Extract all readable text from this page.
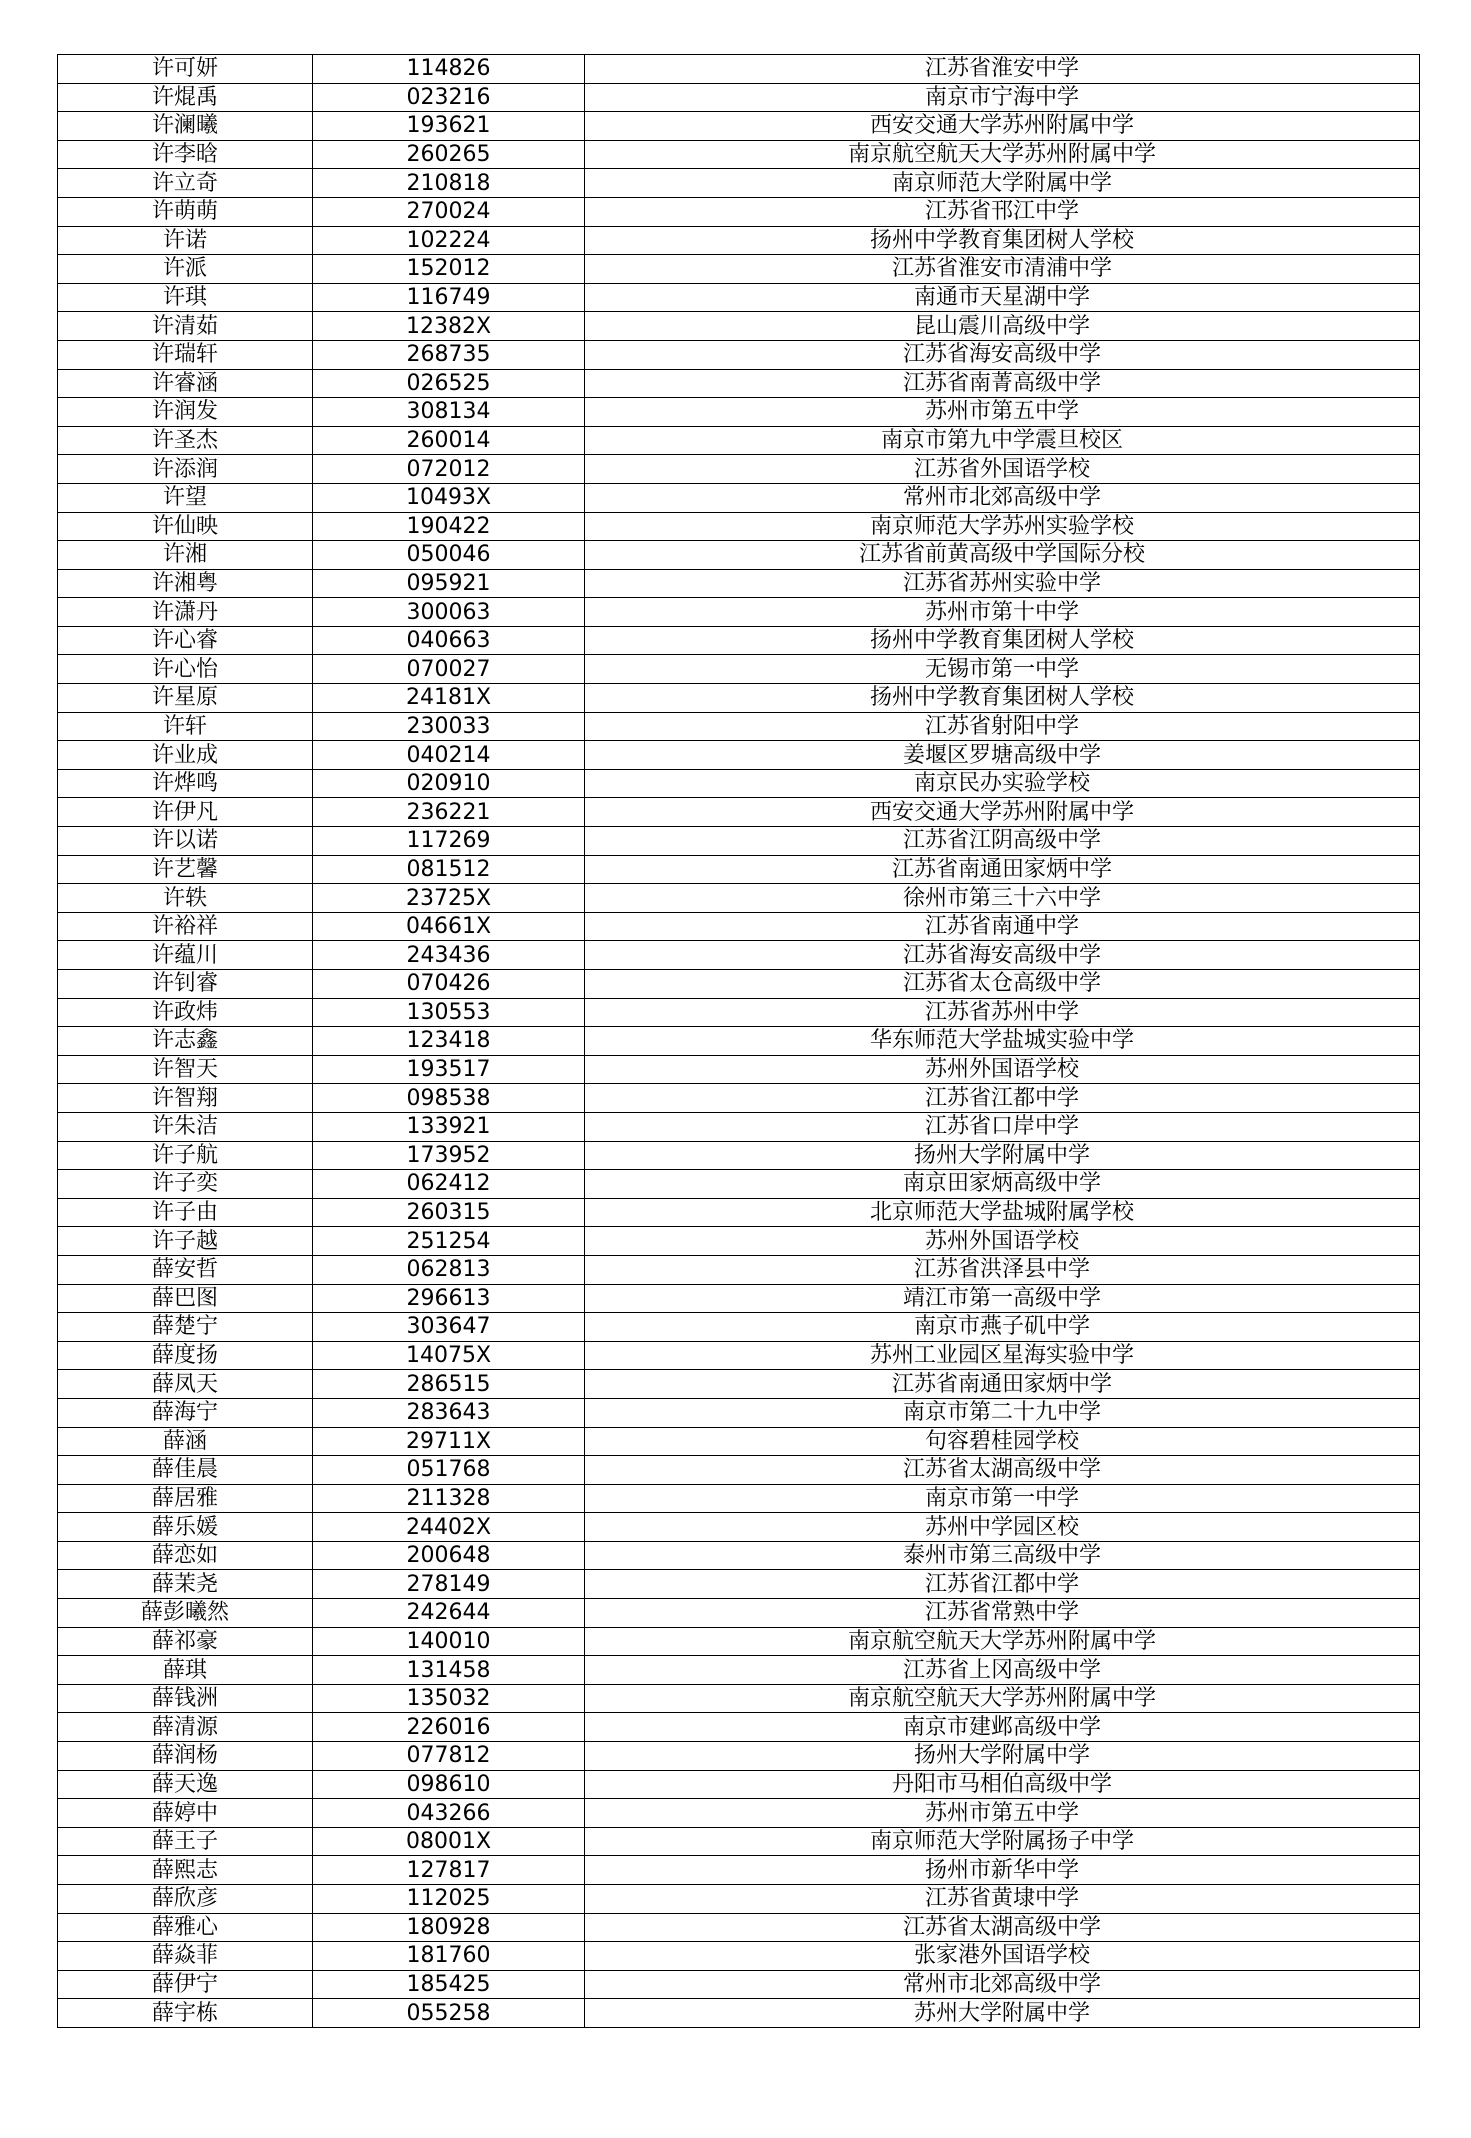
许可妍	114826	江苏省淮安中学
许焜禹	023216	南京市宁海中学
许澜曦	193621	西安交通大学苏州附属中学
许李晗	260265	南京航空航天大学苏州附属中学
许立奇	210818	南京师范大学附属中学
许萌萌	270024	江苏省邗江中学
许诺	102224	扬州中学教育集团树人学校
许派	152012	江苏省淮安市清浦中学
许琪	116749	南通市天星湖中学
许清茹	12382X	昆山震川高级中学
许瑞轩	268735	江苏省海安高级中学
许睿涵	026525	江苏省南菁高级中学
许润发	308134	苏州市第五中学
许圣杰	260014	南京市第九中学震旦校区
许添润	072012	江苏省外国语学校
许望	10493X	常州市北郊高级中学
许仙映	190422	南京师范大学苏州实验学校
许湘	050046	江苏省前黄高级中学国际分校
许湘粤	095921	江苏省苏州实验中学
许潇丹	300063	苏州市第十中学
许心睿	040663	扬州中学教育集团树人学校
许心怡	070027	无锡市第一中学
许星原	24181X	扬州中学教育集团树人学校
许轩	230033	江苏省射阳中学
许业成	040214	姜堰区罗塘高级中学
许烨鸣	020910	南京民办实验学校
许伊凡	236221	西安交通大学苏州附属中学
许以诺	117269	江苏省江阴高级中学
许艺馨	081512	江苏省南通田家炳中学
许轶	23725X	徐州市第三十六中学
许裕祥	04661X	江苏省南通中学
许蕴川	243436	江苏省海安高级中学
许钊睿	070426	江苏省太仓高级中学
许政炜	130553	江苏省苏州中学
许志鑫	123418	华东师范大学盐城实验中学
许智天	193517	苏州外国语学校
许智翔	098538	江苏省江都中学
许朱洁	133921	江苏省口岸中学
许子航	173952	扬州大学附属中学
许子奕	062412	南京田家炳高级中学
许子由	260315	北京师范大学盐城附属学校
许子越	251254	苏州外国语学校
薛安哲	062813	江苏省洪泽县中学
薛巴图	296613	靖江市第一高级中学
薛楚宁	303647	南京市燕子矶中学
薛度扬	14075X	苏州工业园区星海实验中学
薛凤天	286515	江苏省南通田家炳中学
薛海宁	283643	南京市第二十九中学
薛涵	29711X	句容碧桂园学校
薛佳晨	051768	江苏省太湖高级中学
薛居雅	211328	南京市第一中学
薛乐媛	24402X	苏州中学园区校
薛恋如	200648	泰州市第三高级中学
薛茉尧	278149	江苏省江都中学
薛彭曦然	242644	江苏省常熟中学
薛祁豪	140010	南京航空航天大学苏州附属中学
薛琪	131458	江苏省上冈高级中学
薛钱洲	135032	南京航空航天大学苏州附属中学
薛清源	226016	南京市建邺高级中学
薛润杨	077812	扬州大学附属中学
薛天逸	098610	丹阳市马相伯高级中学
薛婷中	043266	苏州市第五中学
薛王子	08001X	南京师范大学附属扬子中学
薛熙志	127817	扬州市新华中学
薛欣彦	112025	江苏省黄埭中学
薛雅心	180928	江苏省太湖高级中学
薛焱菲	181760	张家港外国语学校
薛伊宁	185425	常州市北郊高级中学
薛宇栋	055258	苏州大学附属中学
